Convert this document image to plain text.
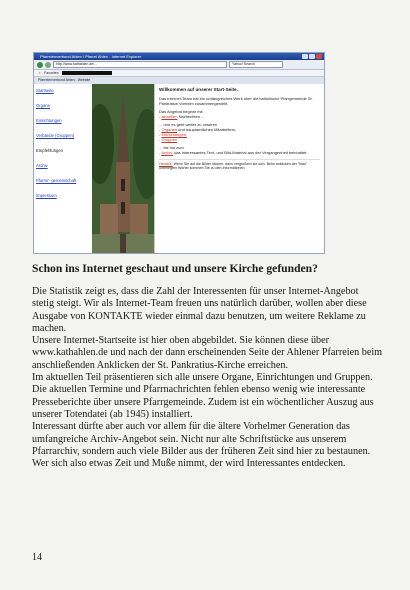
Pfarreienverbund Ahlen / Pfarrei Ahlen - Internet Explorer
http://www.kathahlen.de/...	Yahoo! Search
★ Favoriten
Pfarreienverbund Ahlen - Website
Startseite
Organe
Einrichtungen
Verbände (Gruppen)
Empfehlungen
Archiv
Pfarrer- gemeinschaft
Impressum
Willkommen auf unserer Start-Seite.
Das Internet-Team hat ein umfangreiches Werk über die katholische Pfarrgemeinde St. Pankratius Vorhelm zusammengestellt.
Das Angebot beginnt mit
- aktuellen Nachrichten ...
... und es geht weiter zu unseren
- Organen und hauptamtlichen Mitarbeitern,
- Einrichtungen,
- Gruppen
... bis hin zum
- Archiv, das interessantes Text- und Bild-Material aus der Vergangenheit beinhaltet.
Hinweis: Wenn Sie auf die Bilder klicken, dann vergrößern sie sich. Beim anklicken der "blau" unterlegten Wörter kommen Sie zu den Informationen.
Schon ins Internet geschaut und unsere Kirche gefunden?

Die Statistik zeigt es, dass die Zahl der Interessenten für unser Internet-Angebot stetig steigt. Wir als Internet-Team freuen uns natürlich darüber, wollen aber diese Ausgabe von KONTAKTE wieder einmal dazu benutzen, um weitere Reklame zu machen.

Unsere Internet-Startseite ist hier oben abgebildet. Sie können diese über www.kathahlen.de und nach der dann erscheinenden Seite der Ahlener Pfarreien beim anschließenden Anklicken der St. Pankratius-Kirche erreichen.

Im aktuellen Teil präsentieren sich alle unsere Organe, Einrichtungen und Gruppen. Die aktuellen Termine und Pfarrnachrichten fehlen ebenso wenig wie interessante Presseberichte über unsere Pfarrgemeinde. Zudem ist ein wöchentlicher Auszug aus unserer Totendatei (ab 1945) installiert.

Interessant dürfte aber auch vor allem für die ältere Vorhelmer Generation das umfangreiche Archiv-Angebot sein. Nicht nur alte Schriftstücke aus unserem Pfarrarchiv, sondern auch viele Bilder aus der früheren Zeit sind hier zu bestaunen. Wer sich also etwas Zeit und Muße nimmt, der wird Interessantes entdecken.

14
